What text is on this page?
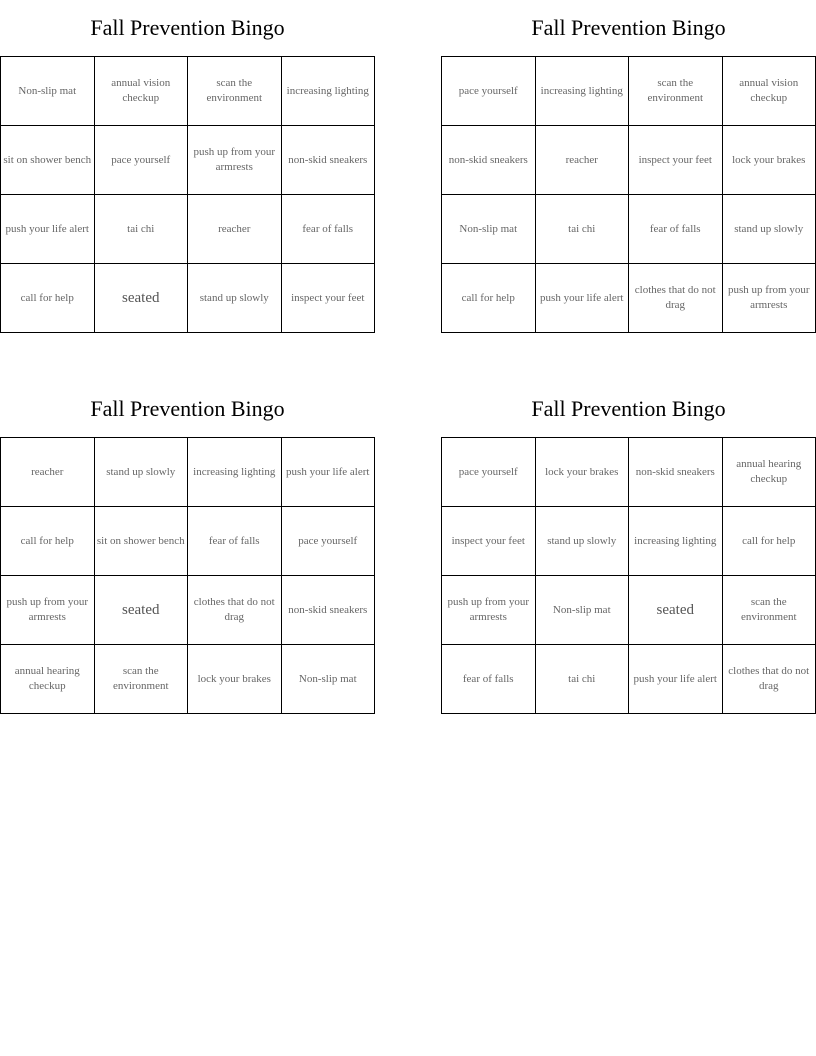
Fall Prevention Bingo
Non-slip mat	annual vision checkup	scan the environment	increasing lighting
sit on shower bench	pace yourself	push up from your armrests	non-skid sneakers
push your life alert	tai chi	reacher	fear of falls
call for help	seated	stand up slowly	inspect your feet
Fall Prevention Bingo
pace yourself	increasing lighting	scan the environment	annual vision checkup
non-skid sneakers	reacher	inspect your feet	lock your brakes
Non-slip mat	tai chi	fear of falls	stand up slowly
call for help	push your life alert	clothes that do not drag	push up from your armrests
Fall Prevention Bingo
reacher	stand up slowly	increasing lighting	push your life alert
call for help	sit on shower bench	fear of falls	pace yourself
push up from your armrests	seated	clothes that do not drag	non-skid sneakers
annual hearing checkup	scan the environment	lock your brakes	Non-slip mat
Fall Prevention Bingo
pace yourself	lock your brakes	non-skid sneakers	annual hearing checkup
inspect your feet	stand up slowly	increasing lighting	call for help
push up from your armrests	Non-slip mat	seated	scan the environment
fear of falls	tai chi	push your life alert	clothes that do not drag
